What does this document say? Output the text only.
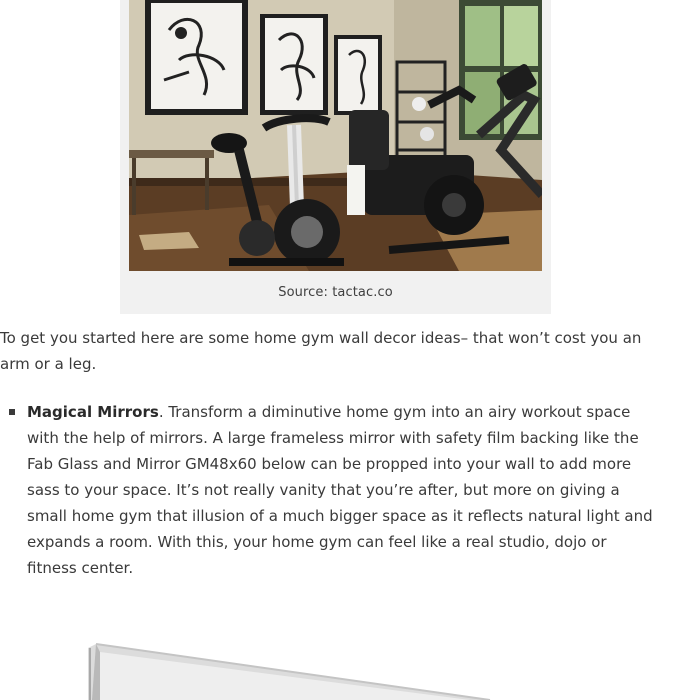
Source: tactac.co

To get you started here are some home gym wall decor ideas– that won’t cost you an arm or a leg.

Magical Mirrors. Transform a diminutive home gym into an airy workout space with the help of mirrors. A large frameless mirror with safety film backing like the Fab Glass and Mirror GM48x60 below can be propped into your wall to add more sass to your space. It’s not really vanity that you’re after, but more on giving a small home gym that illusion of a much bigger space as it reflects natural light and expands a room. With this, your home gym can feel like a real studio, dojo or fitness center.
